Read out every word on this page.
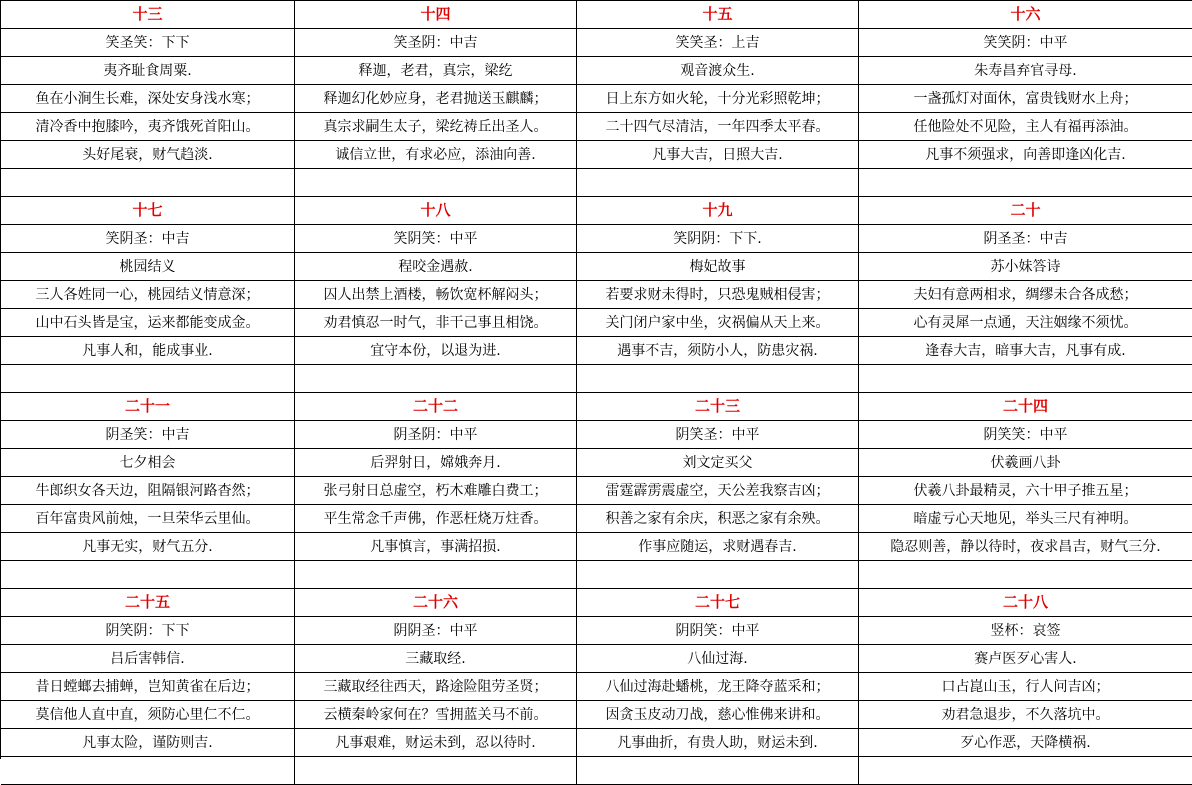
十三	十四	十五	十六
笑圣笑：下下	笑圣阴：中吉	笑笑圣：上吉	笑笑阴：中平
夷齐耻食周粟.	释迦，老君，真宗，梁纥	观音渡众生.	朱寿昌弃官寻母.
鱼在小涧生长难，深处安身浅水寒；	释迦幻化妙应身，老君抛送玉麒麟；	日上东方如火轮，十分光彩照乾坤；	一盏孤灯对面休，富贵钱财水上舟；
清冷香中抱膝吟，夷齐饿死首阳山。	真宗求嗣生太子，梁纥祷丘出圣人。	二十四气尽清洁，一年四季太平春。	任他险处不见险，主人有福再添油。
头好尾衰，财气趋淡.	诚信立世，有求必应，添油向善.	凡事大吉，日照大吉.	凡事不须强求，向善即逢凶化吉.
十七	十八	十九	二十
笑阴圣：中吉	笑阴笑：中平	笑阴阴：下下.	阴圣圣：中吉
桃园结义	程咬金遇赦.	梅妃故事	苏小妹答诗
三人各姓同一心，桃园结义情意深；	囚人出禁上酒楼，畅饮宽杯解闷头；	若要求财未得时，只恐鬼贼相侵害；	夫妇有意两相求，绸缪未合各成愁；
山中石头皆是宝，运来都能变成金。	劝君慎忍一时气，非干己事且相饶。	关门闭户家中坐，灾祸偏从天上来。	心有灵犀一点通，天注姻缘不须忧。
凡事人和，能成事业.	宜守本份，以退为进.	遇事不吉，须防小人，防患灾祸.	逢春大吉，暗事大吉，凡事有成.
二十一	二十二	二十三	二十四
阴圣笑：中吉	阴圣阴：中平	阴笑圣：中平	阴笑笑：中平
七夕相会	后羿射日，嫦娥奔月.	刘文定买父	伏羲画八卦
牛郎织女各天边，阻隔银河路杳然；	张弓射日总虚空，朽木难雕白费工；	雷霆霹雳震虚空，天公差我察吉凶；	伏羲八卦最精灵，六十甲子推五星；
百年富贵风前烛，一旦荣华云里仙。	平生常念千声佛，作恶枉烧万炷香。	积善之家有余庆，积恶之家有余殃。	暗虚亏心天地见，举头三尺有神明。
凡事无实，财气五分.	凡事慎言，事满招损.	作事应随运，求财遇春吉.	隐忍则善，静以待时，夜求昌吉，财气三分.
二十五	二十六	二十七	二十八
阴笑阴：下下	阴阴圣：中平	阴阴笑：中平	竖杯：哀签
吕后害韩信.	三藏取经.	八仙过海.	赛卢医歹心害人.
昔日螳螂去捕蝉，岂知黄雀在后边；	三藏取经往西天，路途险阻劳圣贤；	八仙过海赴蟠桃，龙王降夺蓝采和；	口占崑山玉，行人问吉凶；
莫信他人直中直，须防心里仁不仁。	云横秦岭家何在？雪拥蓝关马不前。	因贪玉皮动刀战，慈心惟佛来讲和。	劝君急退步，不久落坑中。
凡事太险，谨防则吉.	凡事艰难，财运未到，忍以待时.	凡事曲折，有贵人助，财运未到.	歹心作恶，天降横祸.
